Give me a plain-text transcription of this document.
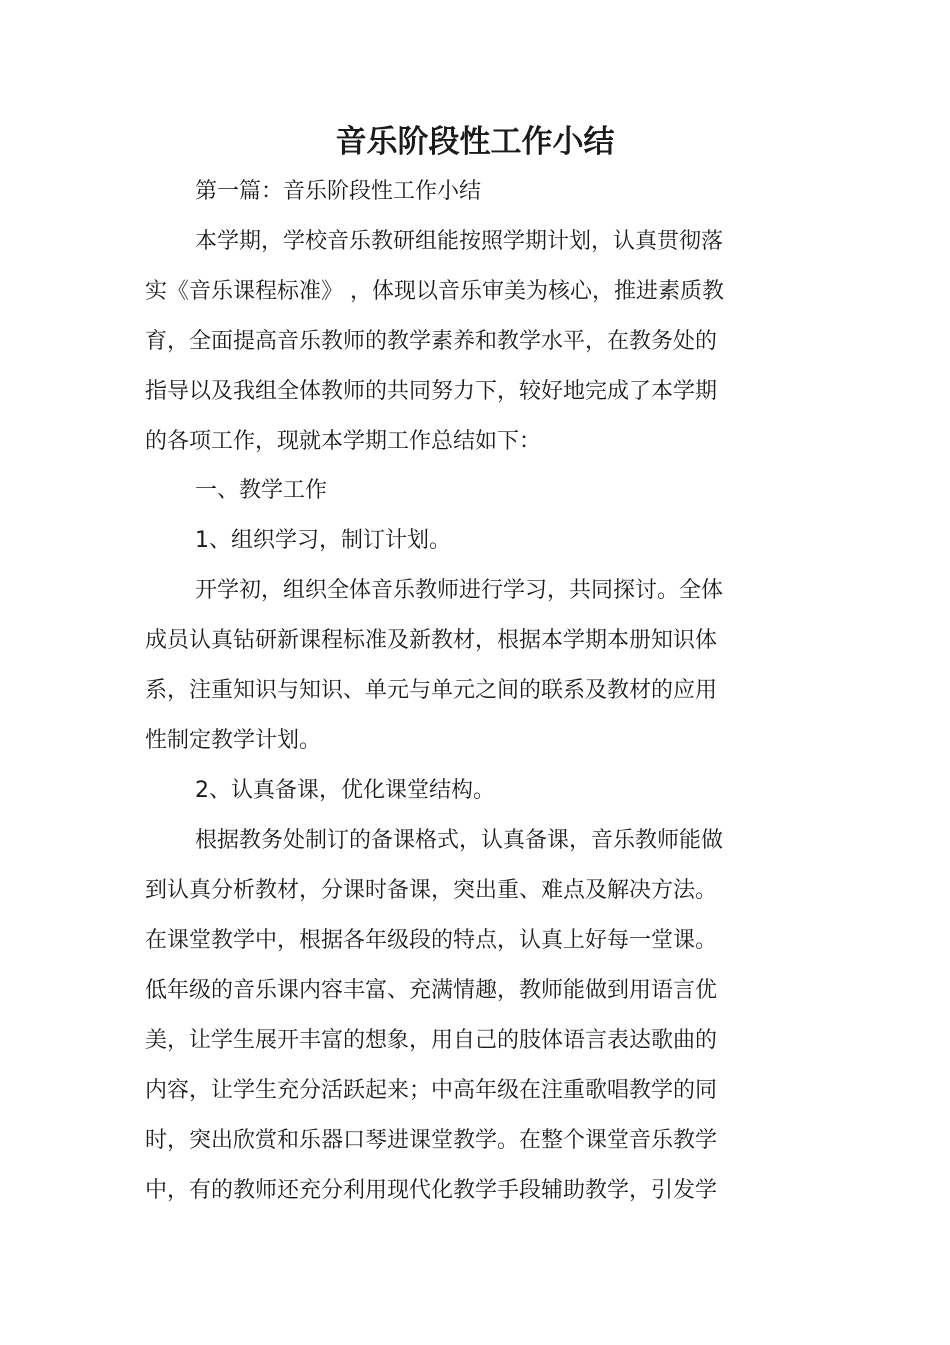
音乐阶段性工作小结
第一篇：音乐阶段性工作小结
本学期，学校音乐教研组能按照学期计划，认真贯彻落
实《音乐课程标准》 ，体现以音乐审美为核心，推进素质教
育，全面提高音乐教师的教学素养和教学水平，在教务处的
指导以及我组全体教师的共同努力下，较好地完成了本学期
的各项工作，现就本学期工作总结如下：
一、教学工作
1、组织学习，制订计划。
开学初，组织全体音乐教师进行学习，共同探讨。全体
成员认真钻研新课程标准及新教材，根据本学期本册知识体
系，注重知识与知识、单元与单元之间的联系及教材的应用
性制定教学计划。
2、认真备课，优化课堂结构。
根据教务处制订的备课格式，认真备课，音乐教师能做
到认真分析教材，分课时备课，突出重、难点及解决方法。
在课堂教学中，根据各年级段的特点，认真上好每一堂课。
低年级的音乐课内容丰富、充满情趣，教师能做到用语言优
美，让学生展开丰富的想象，用自己的肢体语言表达歌曲的
内容，让学生充分活跃起来；中高年级在注重歌唱教学的同
时，突出欣赏和乐器口琴进课堂教学。在整个课堂音乐教学
中，有的教师还充分利用现代化教学手段辅助教学，引发学
